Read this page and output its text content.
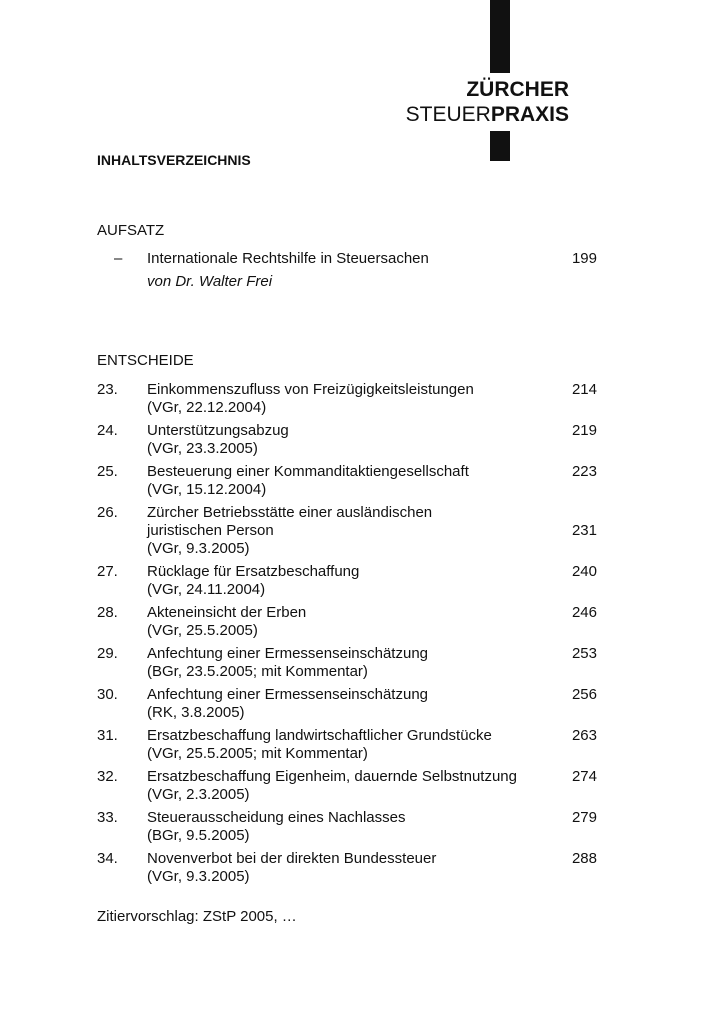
ZÜRCHER
STEUERPRAXIS
INHALTSVERZEICHNIS
AUFSATZ
– Internationale Rechtshilfe in Steuersachen
von Dr. Walter Frei
199
ENTSCHEIDE
23. Einkommenszufluss von Freizügigkeitsleistungen
(VGr, 22.12.2004)
214
24. Unterstützungsabzug
(VGr, 23.3.2005)
219
25. Besteuerung einer Kommanditaktiengesellschaft
(VGr, 15.12.2004)
223
26. Zürcher Betriebsstätte einer ausländischen
juristischen Person
(VGr, 9.3.2005)
231
27. Rücklage für Ersatzbeschaffung
(VGr, 24.11.2004)
240
28. Akteneinsicht der Erben
(VGr, 25.5.2005)
246
29. Anfechtung einer Ermessenseinschätzung
(BGr, 23.5.2005; mit Kommentar)
253
30. Anfechtung einer Ermessenseinschätzung
(RK, 3.8.2005)
256
31. Ersatzbeschaffung landwirtschaftlicher Grundstücke
(VGr, 25.5.2005; mit Kommentar)
263
32. Ersatzbeschaffung Eigenheim, dauernde Selbstnutzung
(VGr, 2.3.2005)
274
33. Steuerausscheidung eines Nachlasses
(BGr, 9.5.2005)
279
34. Novenverbot bei der direkten Bundessteuer
(VGr, 9.3.2005)
288
Zitiervorschlag: ZStP 2005, …
